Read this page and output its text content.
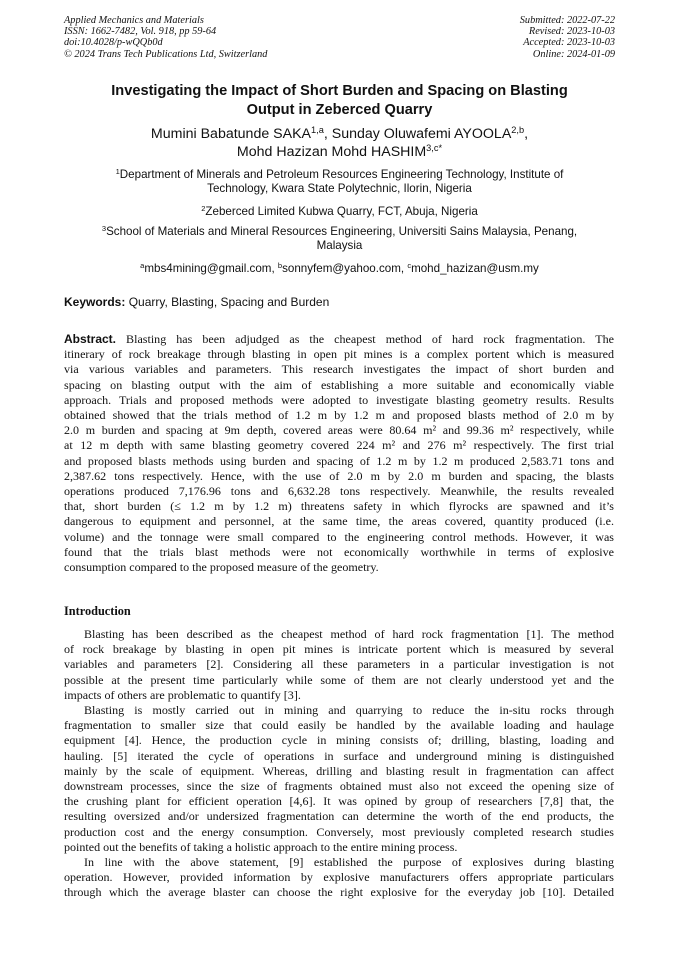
Applied Mechanics and Materials
ISSN: 1662-7482, Vol. 918, pp 59-64
doi:10.4028/p-wQQb0d
© 2024 Trans Tech Publications Ltd, Switzerland
Submitted: 2022-07-22
Revised: 2023-10-03
Accepted: 2023-10-03
Online: 2024-01-09
Investigating the Impact of Short Burden and Spacing on Blasting
Output in Zeberced Quarry
Mumini Babatunde SAKA$^{1,a}$, Sunday Oluwafemi AYOOLA$^{2,b}$,
Mohd Hazizan Mohd $HASHIM^{3,c*}$
$^1$Department of Minerals and Petroleum Resources Engineering Technology, Institute of
Technology, Kwara State Polytechnic, Ilorin, Nigeria
$^2$Zeberced Limited Kubwa Quarry, FCT, Abuja, Nigeria
$^3$School of Materials and Mineral Resources Engineering, Universiti Sains Malaysia, Penang,
Malaysia
$^a$mbs4mining@gmail.com, $^b$sonnyfem@yahoo.com, $^c$mohd_hazizan@usm.my
Keywords: Quarry, Blasting, Spacing and Burden
Abstract. Blasting has been adjudged as the cheapest method of hard rock fragmentation. The
itinerary of rock breakage through blasting in open pit mines is a complex portent which is measured
via various variables and parameters. This research investigates the impact of short burden and
spacing on blasting output with the aim of establishing a more suitable and economically viable
approach. Trials and proposed methods were adopted to investigate blasting geometry results. Results
obtained showed that the trials method of 1.2 m by 1.2 m and proposed blasts method of 2.0 m by
2.0 m burden and spacing at 9m depth, covered areas were 80.64 m² and 99.36 m² respectively, while
at 12 m depth with same blasting geometry covered 224 m² and 276 m² respectively. The first trial
and proposed blasts methods using burden and spacing of 1.2 m by 1.2 m produced 2,583.71 tons and
2,387.62 tons respectively. Hence, with the use of 2.0 m by 2.0 m burden and spacing, the blasts
operations produced 7,176.96 tons and 6,632.28 tons respectively. Meanwhile, the results revealed
that, short burden (≤ 1.2 m by 1.2 m) threatens safety in which flyrocks are spawned and it’s
dangerous to equipment and personnel, at the same time, the areas covered, quantity produced (i.e.
volume) and the tonnage were small compared to the engineering control methods. However, it was
found that the trials blast methods were not economically worthwhile in terms of explosive
consumption compared to the proposed measure of the geometry.
Introduction
Blasting has been described as the cheapest method of hard rock fragmentation [1]. The method
of rock breakage by blasting in open pit mines is intricate portent which is measured by several
variables and parameters [2]. Considering all these parameters in a particular investigation is not
possible at the present time particularly while some of them are not clearly understood yet and the
impacts of others are problematic to quantify [3].
Blasting is mostly carried out in mining and quarrying to reduce the in-situ rocks through
fragmentation to smaller size that could easily be handled by the available loading and haulage
equipment [4]. Hence, the production cycle in mining consists of; drilling, blasting, loading and
hauling. [5] iterated the cycle of operations in surface and underground mining is distinguished
mainly by the scale of equipment. Whereas, drilling and blasting result in fragmentation can affect
downstream processes, since the size of fragments obtained must also not exceed the opening size of
the crushing plant for efficient operation [4,6]. It was opined by group of researchers [7,8] that, the
resulting oversized and/or undersized fragmentation can determine the worth of the end products, the
production cost and the energy consumption. Conversely, most previously completed research studies
pointed out the benefits of taking a holistic approach to the entire mining process.
In line with the above statement, [9] established the purpose of explosives during blasting
operation. However, provided information by explosive manufacturers offers appropriate particulars
through which the average blaster can choose the right explosive for the everyday job [10]. Detailed
